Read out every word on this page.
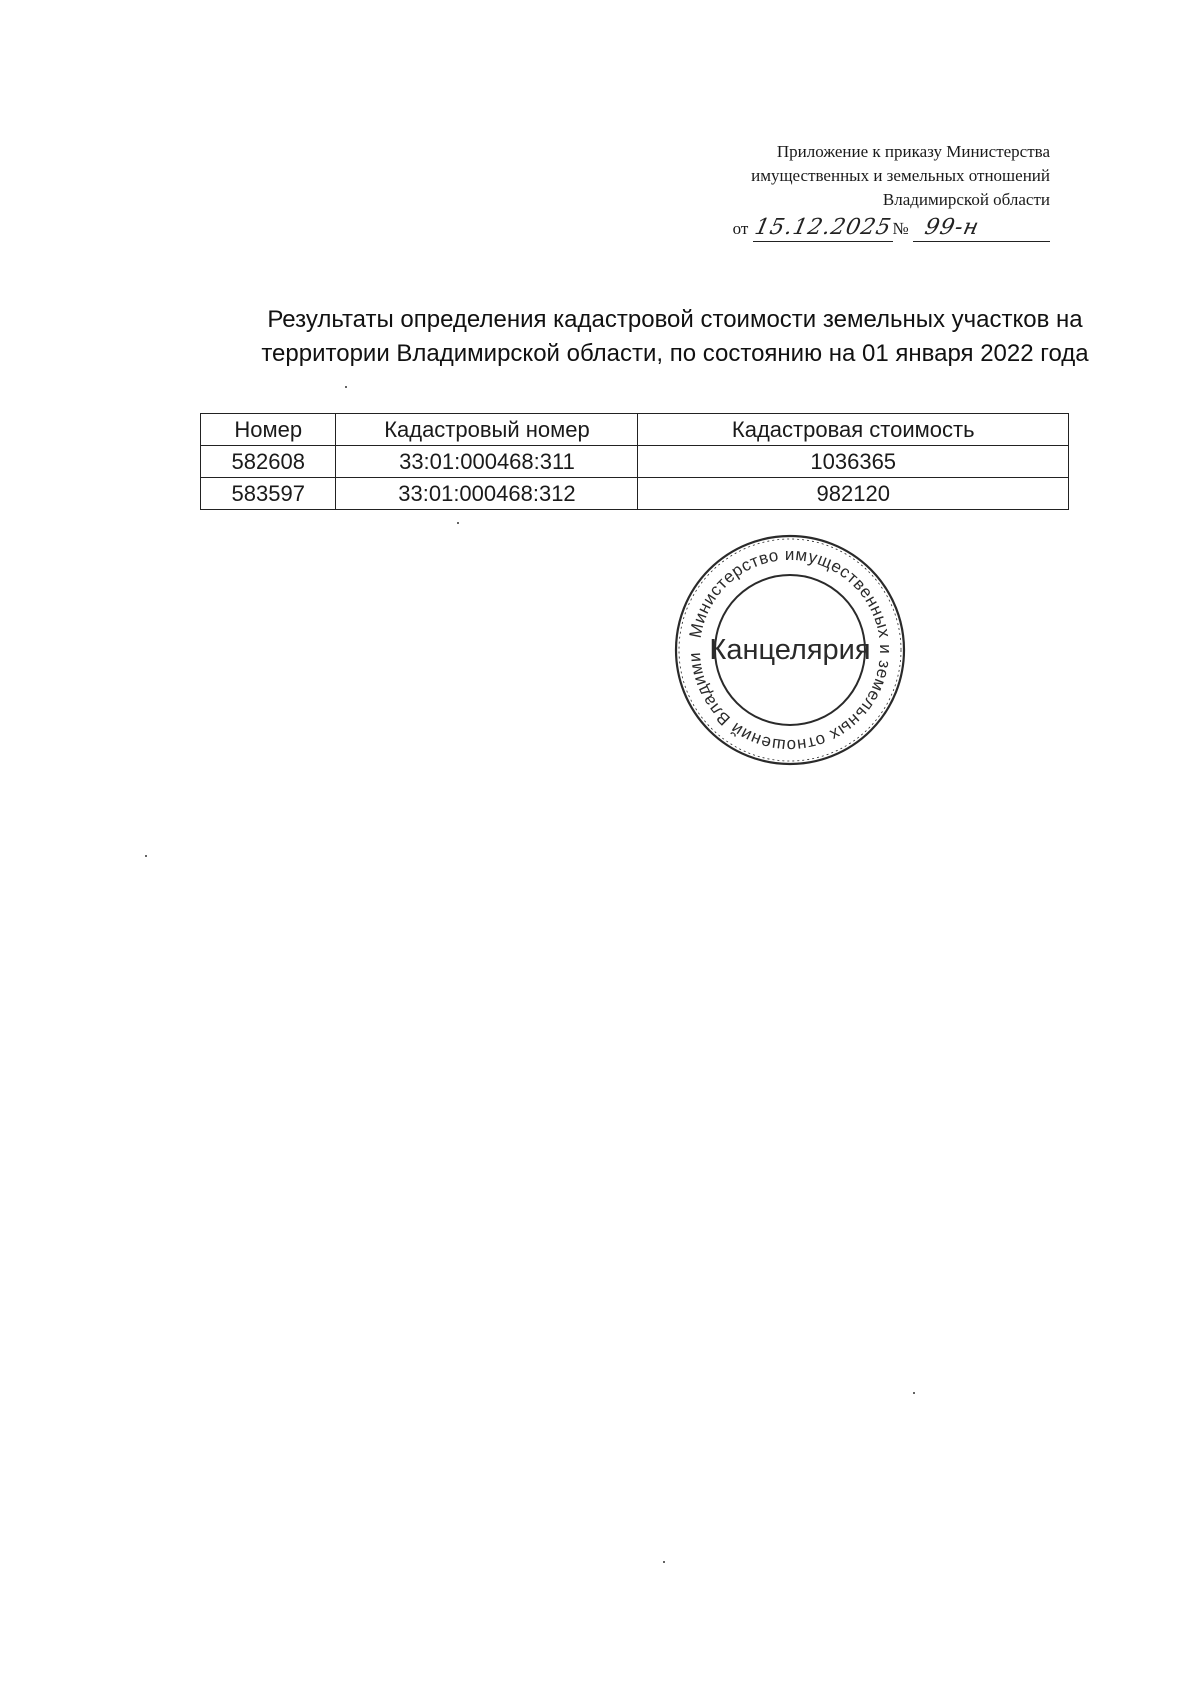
Приложение к приказу Министерства
имущественных и земельных отношений
Владимирской области
от 15.12.2025№ 99-н
Результаты определения кадастровой стоимости земельных участков на
территории Владимирской области, по состоянию на 01 января 2022 года
Номер	Кадастровый номер	Кадастровая стоимость
582608	33:01:000468:311	1036365
583597	33:01:000468:312	982120
Министерство имущественных и земельных отношений Владими Канцелярия
